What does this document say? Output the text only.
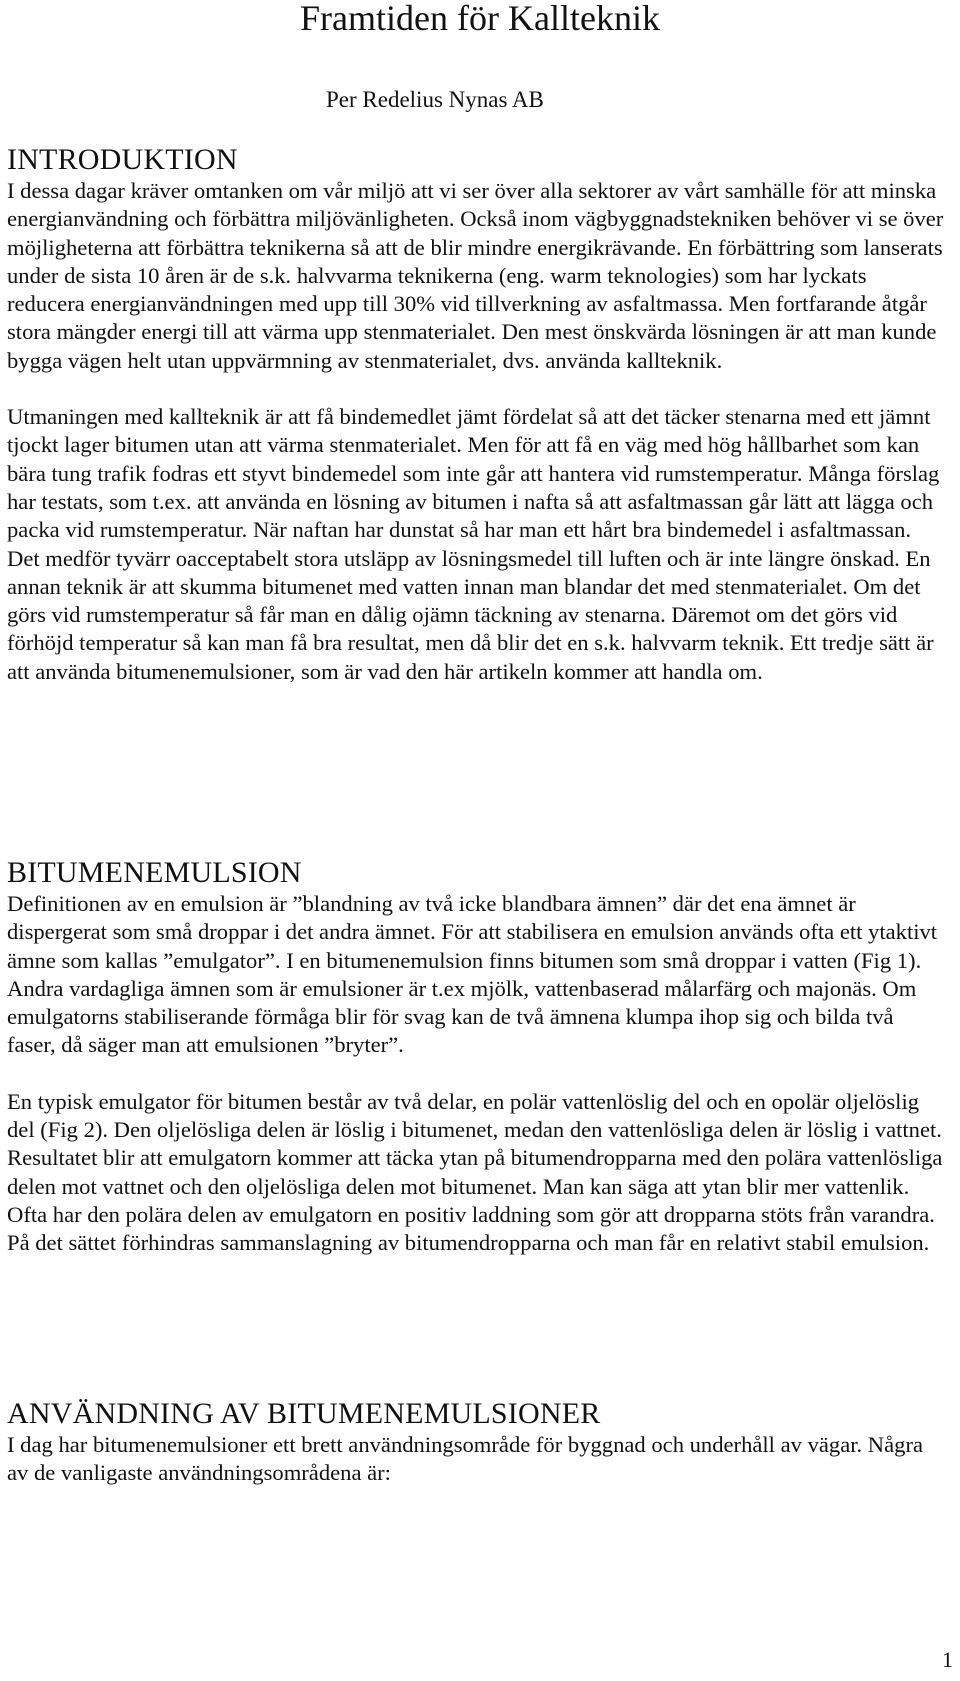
Framtiden för Kallteknik
Per Redelius Nynas AB
INTRODUKTION

I dessa dagar kräver omtanken om vår miljö att vi ser över alla sektorer av vårt samhälle för att minska energianvändning och förbättra miljövänligheten. Också inom vägbyggnadstekniken behöver vi se över möjligheterna att förbättra teknikerna så att de blir mindre energikrävande. En förbättring som lanserats under de sista 10 åren är de s.k. halvvarma teknikerna (eng. warm teknologies) som har lyckats reducera energianvändningen med upp till 30% vid tillverkning av asfaltmassa. Men fortfarande åtgår stora mängder energi till att värma upp stenmaterialet. Den mest önskvärda lösningen är att man kunde bygga vägen helt utan uppvärmning av stenmaterialet, dvs. använda kallteknik.

Utmaningen med kallteknik är att få bindemedlet jämt fördelat så att det täcker stenarna med ett jämnt tjockt lager bitumen utan att värma stenmaterialet. Men för att få en väg med hög hållbarhet som kan bära tung trafik fodras ett styvt bindemedel som inte går att hantera vid rumstemperatur. Många förslag har testats, som t.ex. att använda en lösning av bitumen i nafta så att asfaltmassan går lätt att lägga och packa vid rumstemperatur. När naftan har dunstat så har man ett hårt bra bindemedel i asfaltmassan. Det medför tyvärr oacceptabelt stora utsläpp av lösningsmedel till luften och är inte längre önskad. En annan teknik är att skumma bitumenet med vatten innan man blandar det med stenmaterialet. Om det görs vid rumstemperatur så får man en dålig ojämn täckning av stenarna. Däremot om det görs vid förhöjd temperatur så kan man få bra resultat, men då blir det en s.k. halvvarm teknik. Ett tredje sätt är att använda bitumenemulsioner, som är vad den här artikeln kommer att handla om.

BITUMENEMULSION

Definitionen av en emulsion är ”blandning av två icke blandbara ämnen” där det ena ämnet är dispergerat som små droppar i det andra ämnet. För att stabilisera en emulsion används ofta ett ytaktivt ämne som kallas ”emulgator”. I en bitumenemulsion finns bitumen som små droppar i vatten (Fig 1). Andra vardagliga ämnen som är emulsioner är t.ex mjölk, vattenbaserad målarfärg och majonäs. Om emulgatorns stabiliserande förmåga blir för svag kan de två ämnena klumpa ihop sig och bilda två faser, då säger man att emulsionen ”bryter”.

En typisk emulgator för bitumen består av två delar, en polär vattenlöslig del och en opolär oljelöslig del (Fig 2). Den oljelösliga delen är löslig i bitumenet, medan den vattenlösliga delen är löslig i vattnet. Resultatet blir att emulgatorn kommer att täcka ytan på bitumendropparna med den polära vattenlösliga delen mot vattnet och den oljelösliga delen mot bitumenet. Man kan säga att ytan blir mer vattenlik. Ofta har den polära delen av emulgatorn en positiv laddning som gör att dropparna stöts från varandra. På det sättet förhindras sammanslagning av bitumendropparna och man får en relativt stabil emulsion.

ANVÄNDNING AV BITUMENEMULSIONER

I dag har bitumenemulsioner ett brett användningsområde för byggnad och underhåll av vägar. Några av de vanligaste användningsområdena är:

1
